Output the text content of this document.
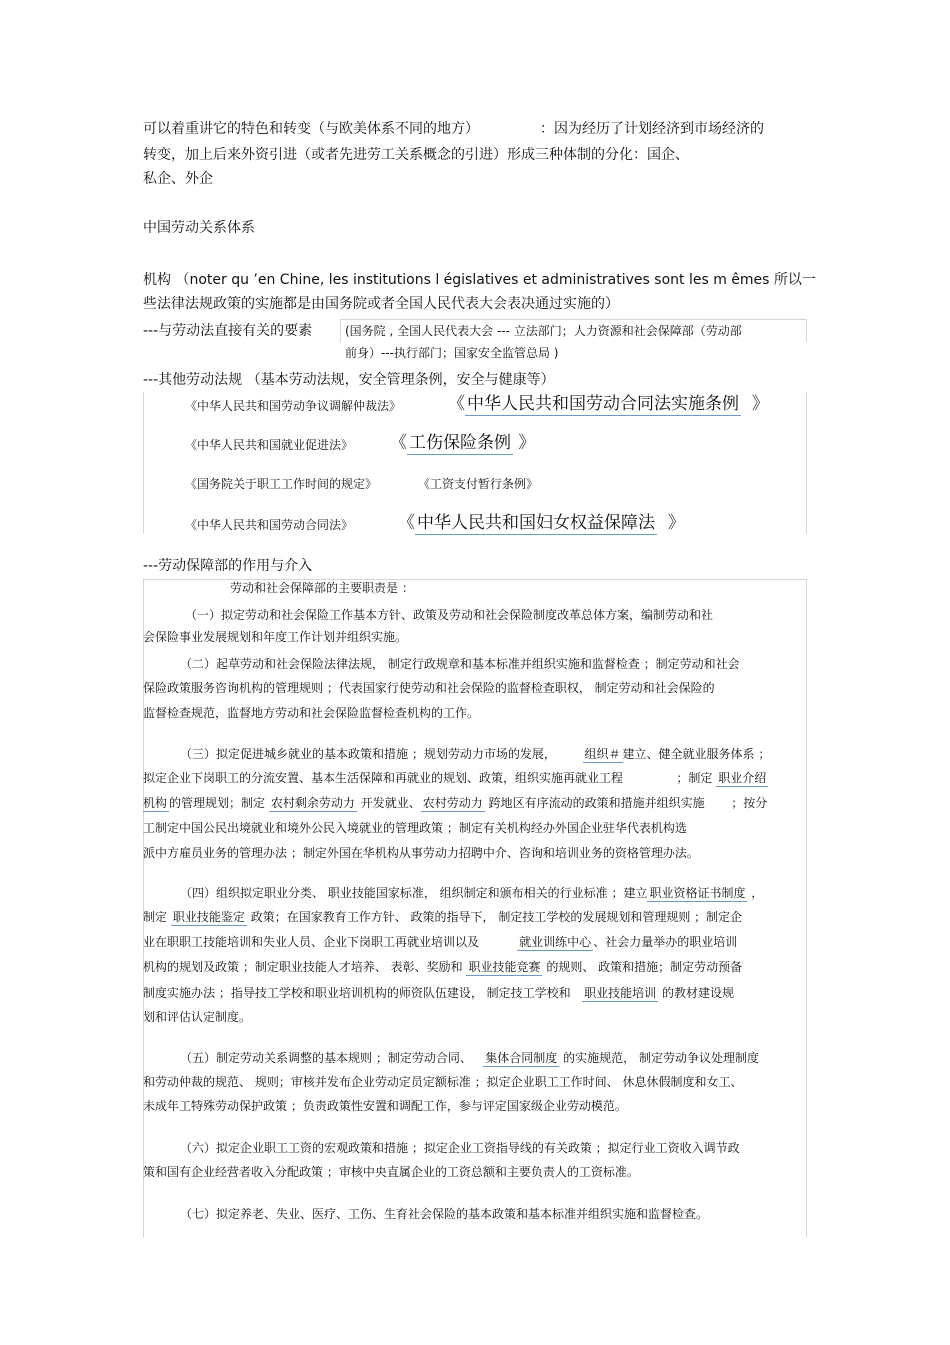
可以着重讲它的特色和转变（与欧美体系不同的地方）	：因为经历了计划经济到市场经济的
转变，加上后来外资引进（或者先进劳工关系概念的引进）形成三种体制的分化：国企、
私企、外企
中国劳动关系体系
机构 （noter qu ’en Chine, les institutions l égislatives et administratives sont les m êmes 所以一
些法律法规政策的实施都是由国务院或者全国人民代表大会表决通过实施的）
---与劳动法直接有关的要素	(国务院 , 全国人民代表大会 --- 立法部门；人力资源和社会保障部（劳动部
前身）---执行部门；国家安全监管总局 )
---其他劳动法规 （基本劳动法规，安全管理条例，安全与健康等）
《中华人民共和国劳动争议调解仲裁法》	《 中华人民共和国劳动合同法实施条例 》
《中华人民共和国就业促进法》 《 工伤保险条例 》
《国务院关于职工工作时间的规定》	《工资支付暂行条例》
《中华人民共和国劳动合同法》	《 中华人民共和国妇女权益保障法 》
---劳动保障部的作用与介入
劳动和社会保障部的主要职责是 ：
（一）拟定劳动和社会保险工作基本方针、政策及劳动和社会保险制度改革总体方案，编制劳动和社
会保险事业发展规划和年度工作计划并组织实施。
（二）起草劳动和社会保险法律法规， 制定行政规章和基本标准并组织实施和监督检查 ；制定劳动和社会
保险政策服务咨询机构的管理规则 ；代表国家行使劳动和社会保险的监督检查职权， 制定劳动和社会保险的
监督检查规范，监督地方劳动和社会保险监督检查机构的工作。
（三）拟定促进城乡就业的基本政策和措施 ；规划劳动力市场的发展， 组织＃ 建立、健全就业服务体系 ；
拟定企业下岗职工的分流安置、基本生活保障和再就业的规划、政策，组织实施再就业工程	；制定 职业介绍
机构 的管理规划；制定 农村剩余劳动力 开发就业、 农村劳动力 跨地区有序流动的政策和措施并组织实施 ；按分
工制定中国公民出境就业和境外公民入境就业的管理政策 ；制定有关机构经办外国企业驻华代表机构选
派中方雇员业务的管理办法 ；制定外国在华机构从事劳动力招聘中介、咨询和培训业务的资格管理办法。
（四）组织拟定职业分类、 职业技能国家标准， 组织制定和颁布相关的行业标准 ；建立 职业资格证书制度 ，
制定 职业技能鉴定 政策；在国家教育工作方针、 政策的指导下， 制定技工学校的发展规划和管理规则 ；制定企
业在职职工技能培训和失业人员、企业下岗职工再就业培训以及	就业训练中心 、社会力量举办的职业培训
机构的规划及政策 ；制定职业技能人才培养、 表彰、奖励和 职业技能竞赛 的规则、 政策和措施；制定劳动预备
制度实施办法 ；指导技工学校和职业培训机构的师资队伍建设， 制定技工学校和 职业技能培训 的教材建设规
划和评估认定制度。
（五）制定劳动关系调整的基本规则 ；制定劳动合同、 集体合同制度 的实施规范， 制定劳动争议处理制度
和劳动仲裁的规范、 规则；审核并发布企业劳动定员定额标准 ；拟定企业职工工作时间、 休息休假制度和女工、
未成年工特殊劳动保护政策 ；负责政策性安置和调配工作，参与评定国家级企业劳动模范。
（六）拟定企业职工工资的宏观政策和措施 ；拟定企业工资指导线的有关政策 ；拟定行业工资收入调节政
策和国有企业经营者收入分配政策 ；审核中央直属企业的工资总额和主要负责人的工资标准。
（七）拟定养老、失业、医疗、工伤、生育社会保险的基本政策和基本标准并组织实施和监督检查。
